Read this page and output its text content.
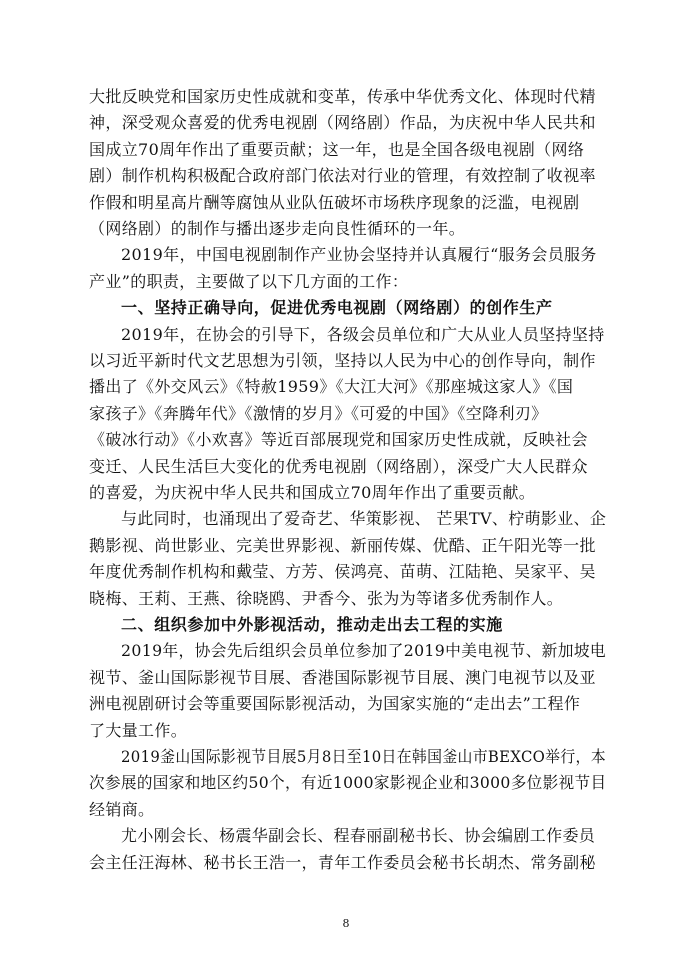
大批反映党和国家历史性成就和变革，传承中华优秀文化、体现时代精
神，深受观众喜爱的优秀电视剧（网络剧）作品，为庆祝中华人民共和
国成立70周年作出了重要贡献；这一年，也是全国各级电视剧（网络
剧）制作机构积极配合政府部门依法对行业的管理，有效控制了收视率
作假和明星高片酬等腐蚀从业队伍破坏市场秩序现象的泛滥，电视剧
（网络剧）的制作与播出逐步走向良性循环的一年。
2019年，中国电视剧制作产业协会坚持并认真履行“服务会员服务
产业”的职责，主要做了以下几方面的工作：
一、坚持正确导向，促进优秀电视剧（网络剧）的创作生产
2019年，在协会的引导下，各级会员单位和广大从业人员坚持坚持
以习近平新时代文艺思想为引领，坚持以人民为中心的创作导向，制作
播出了《外交风云》《特赦1959》《大江大河》《那座城这家人》《国
家孩子》《奔腾年代》《激情的岁月》《可爱的中国》《空降利刃》
《破冰行动》《小欢喜》等近百部展现党和国家历史性成就，反映社会
变迁、人民生活巨大变化的优秀电视剧（网络剧），深受广大人民群众
的喜爱，为庆祝中华人民共和国成立70周年作出了重要贡献。
与此同时，也涌现出了爱奇艺、华策影视、 芒果TV、柠萌影业、企
鹅影视、尚世影业、完美世界影视、新丽传媒、优酷、正午阳光等一批
年度优秀制作机构和戴莹、方芳、侯鸿亮、苗萌、江陆艳、吴家平、吴
晓梅、王莉、王燕、徐晓鸥、尹香今、张为为等诸多优秀制作人。
二、组织参加中外影视活动，推动走出去工程的实施
2019年，协会先后组织会员单位参加了2019中美电视节、新加坡电
视节、釜山国际影视节目展、香港国际影视节目展、澳门电视节以及亚
洲电视剧研讨会等重要国际影视活动，为国家实施的“走出去”工程作
了大量工作。
2019釜山国际影视节目展5月8日至10日在韩国釜山市BEXCO举行，本
次参展的国家和地区约50个，有近1000家影视企业和3000多位影视节目
经销商。
尤小刚会长、杨震华副会长、程春丽副秘书长、协会编剧工作委员
会主任汪海林、秘书长王浩一，青年工作委员会秘书长胡杰、常务副秘
8
